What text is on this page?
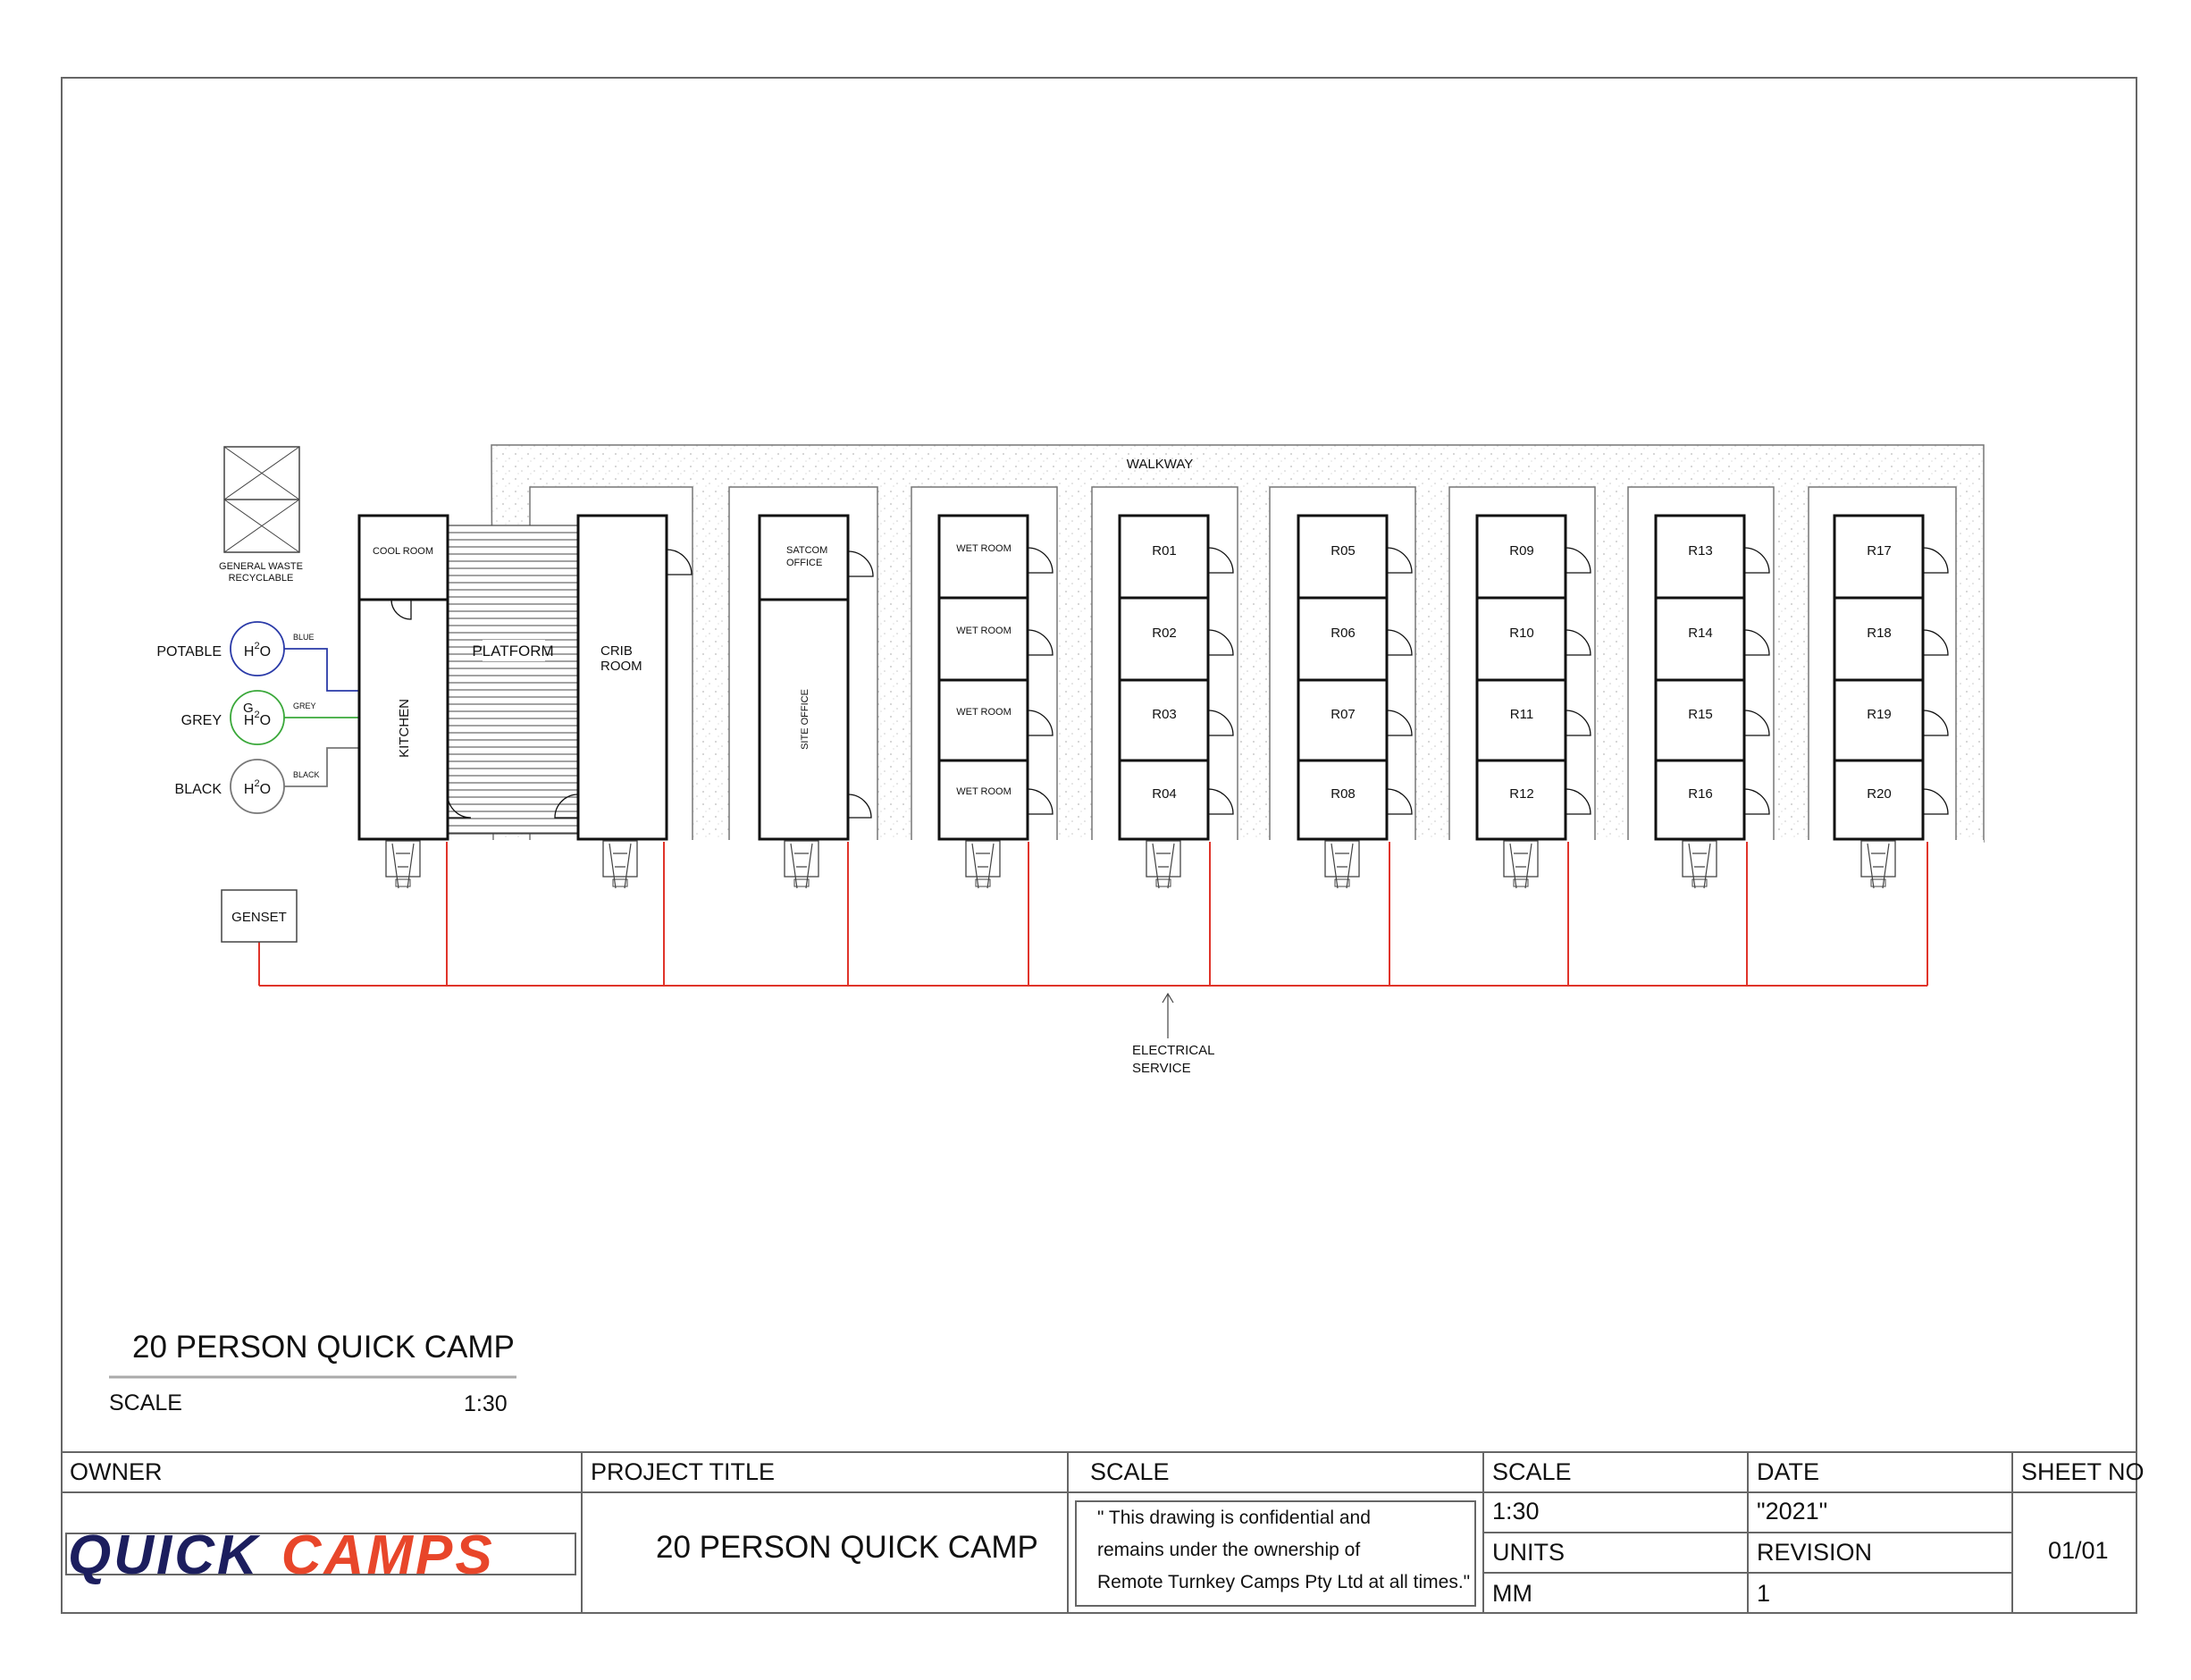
WALKWAY
GENERAL WASTE
RECYCLABLE
POTABLE $H^2O$
BLUE
GREY $H^2O$
G	GREY
BLACK $H^2O$
BLACK
PLATFORM
COOL ROOM
KITCHEN
CRIB
ROOM
SATCOM
OFFICE
SITE OFFICE
WET ROOM
WET ROOM
WET ROOM
WET ROOM
R01
R02
R03
R04
R05
R06
R07
R08
R09
R10
R11
R12
R13
R14
R15
R16
R17
R18
R19
R20
GENSET
ELECTRICAL
SERVICE
20 PERSON QUICK CAMP
SCALE	1:30
OWNER	PROJECT TITLE	SCALE	SCALE	DATE	SHEET NO
QUICK CAMPS	20 PERSON QUICK CAMP
" This drawing is confidential and
remains under the ownership of
Remote Turnkey Camps Pty Ltd at all times."
1:30	"2021"
UNITS	REVISION
MM	1
01/01
